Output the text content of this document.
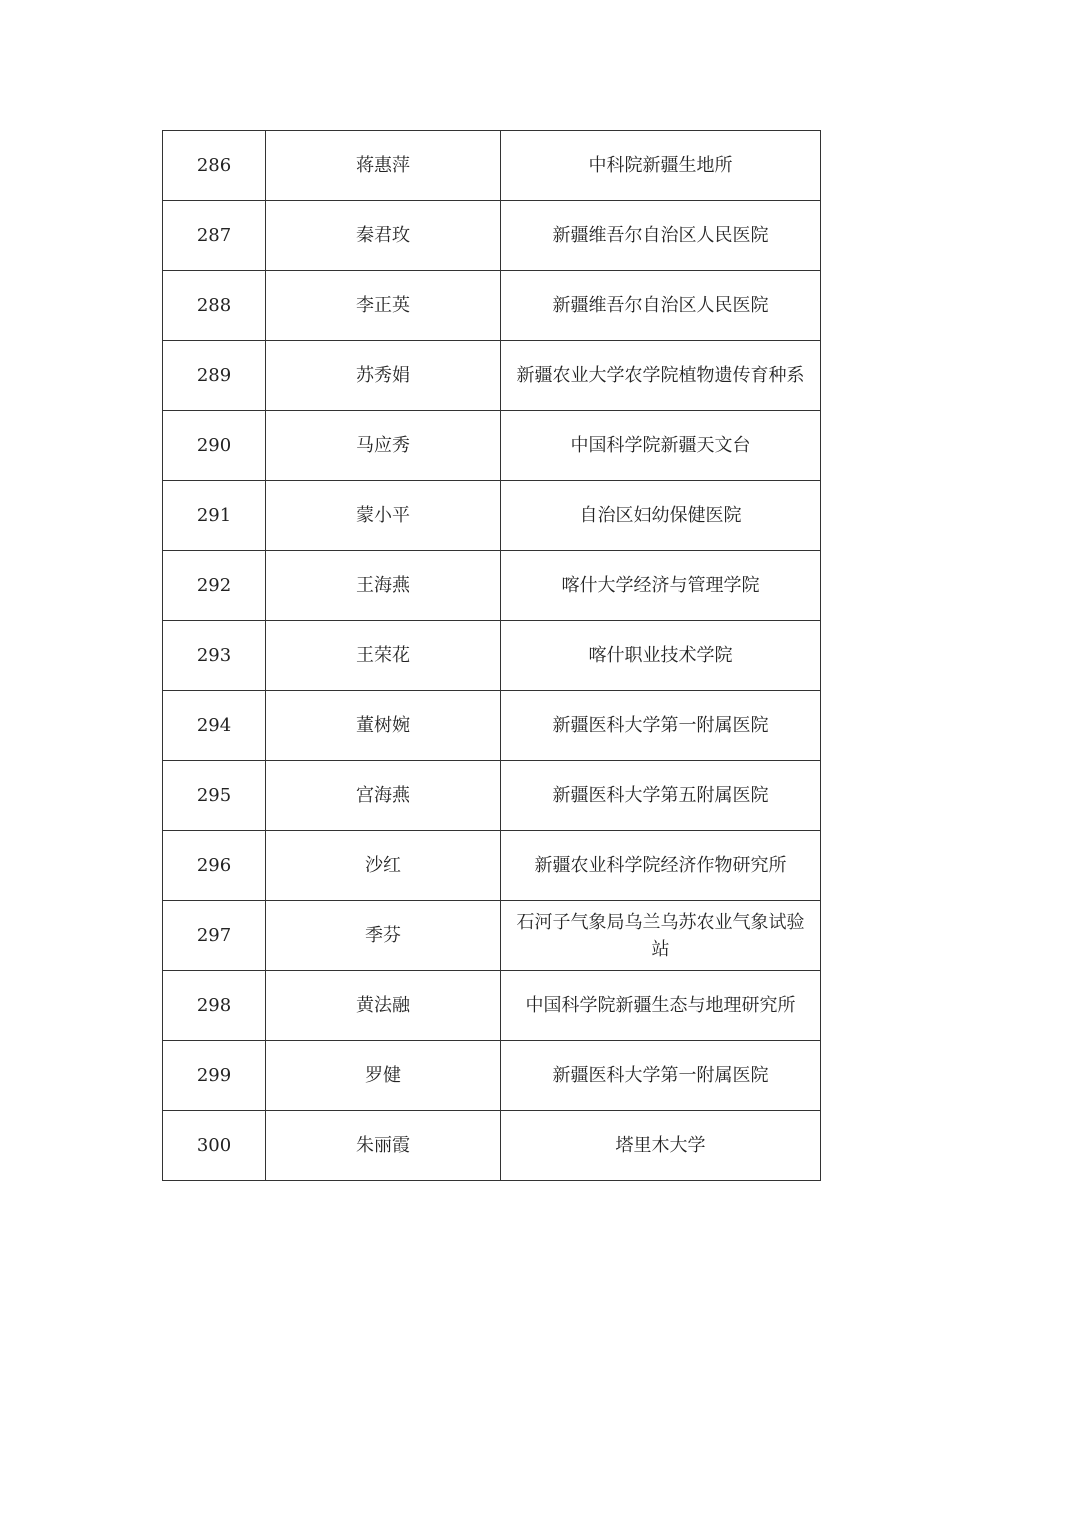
286	蒋惠萍	中科院新疆生地所
287	秦君玫	新疆维吾尔自治区人民医院
288	李正英	新疆维吾尔自治区人民医院
289	苏秀娟	新疆农业大学农学院植物遗传育种系
290	马应秀	中国科学院新疆天文台
291	蒙小平	自治区妇幼保健医院
292	王海燕	喀什大学经济与管理学院
293	王荣花	喀什职业技术学院
294	董树婉	新疆医科大学第一附属医院
295	宫海燕	新疆医科大学第五附属医院
296	沙红	新疆农业科学院经济作物研究所
297	季芬	石河子气象局乌兰乌苏农业气象试验站
298	黄法融	中国科学院新疆生态与地理研究所
299	罗健	新疆医科大学第一附属医院
300	朱丽霞	塔里木大学
